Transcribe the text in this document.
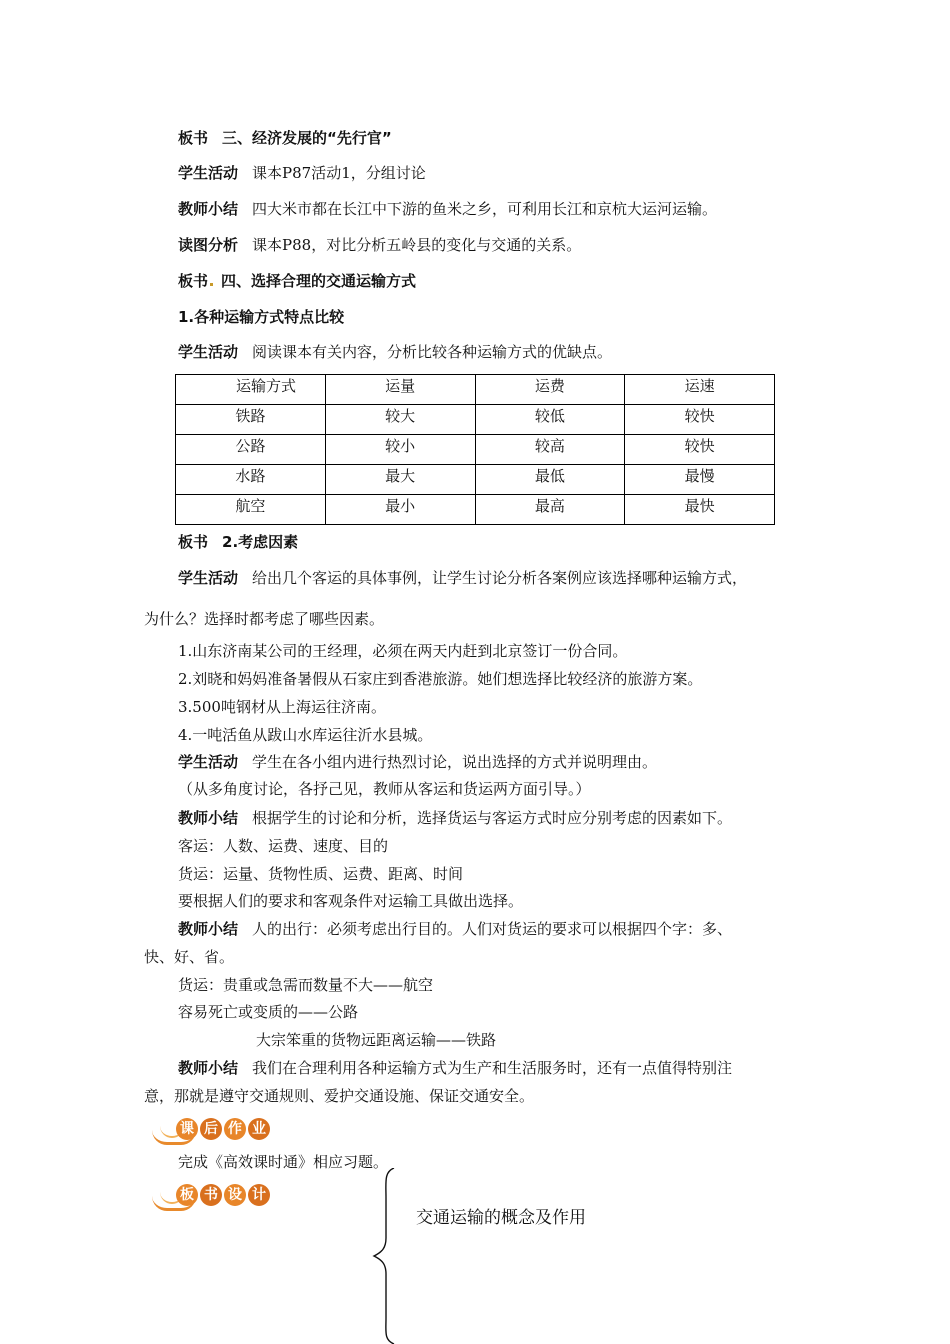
板书 三、经济发展的“先行官”
学生活动 课本P87活动1，分组讨论
教师小结 四大米市都在长江中下游的鱼米之乡，可利用长江和京杭大运河运输。
读图分析 课本P88，对比分析五岭县的变化与交通的关系。
板书 四、选择合理的交通运输方式
1.各种运输方式特点比较
学生活动 阅读课本有关内容，分析比较各种运输方式的优缺点。
运输方式	运量	运费	运速
铁路	较大	较低	较快
公路	较小	较高	较快
水路	最大	最低	最慢
航空	最小	最高	最快
板书 2.考虑因素
学生活动 给出几个客运的具体事例，让学生讨论分析各案例应该选择哪种运输方式，
为什么？选择时都考虑了哪些因素。
1.山东济南某公司的王经理，必须在两天内赶到北京签订一份合同。
2.刘晓和妈妈准备暑假从石家庄到香港旅游。她们想选择比较经济的旅游方案。
3.500吨钢材从上海运往济南。
4.一吨活鱼从跋山水库运往沂水县城。
学生活动 学生在各小组内进行热烈讨论，说出选择的方式并说明理由。
（从多角度讨论，各抒己见，教师从客运和货运两方面引导。）
教师小结 根据学生的讨论和分析，选择货运与客运方式时应分别考虑的因素如下。
客运：人数、运费、速度、目的
货运：运量、货物性质、运费、距离、时间
要根据人们的要求和客观条件对运输工具做出选择。
教师小结 人的出行：必须考虑出行目的。人们对货运的要求可以根据四个字：多、
快、好、省。
货运：贵重或急需而数量不大——航空
容易死亡或变质的——公路
大宗笨重的货物远距离运输——铁路
教师小结 我们在合理利用各种运输方式为生产和生活服务时，还有一点值得特别注
意，那就是遵守交通规则、爱护交通设施、保证交通安全。
课 后 作 业
完成《高效课时通》相应习题。
板 书 设 计
交通运输的概念及作用
